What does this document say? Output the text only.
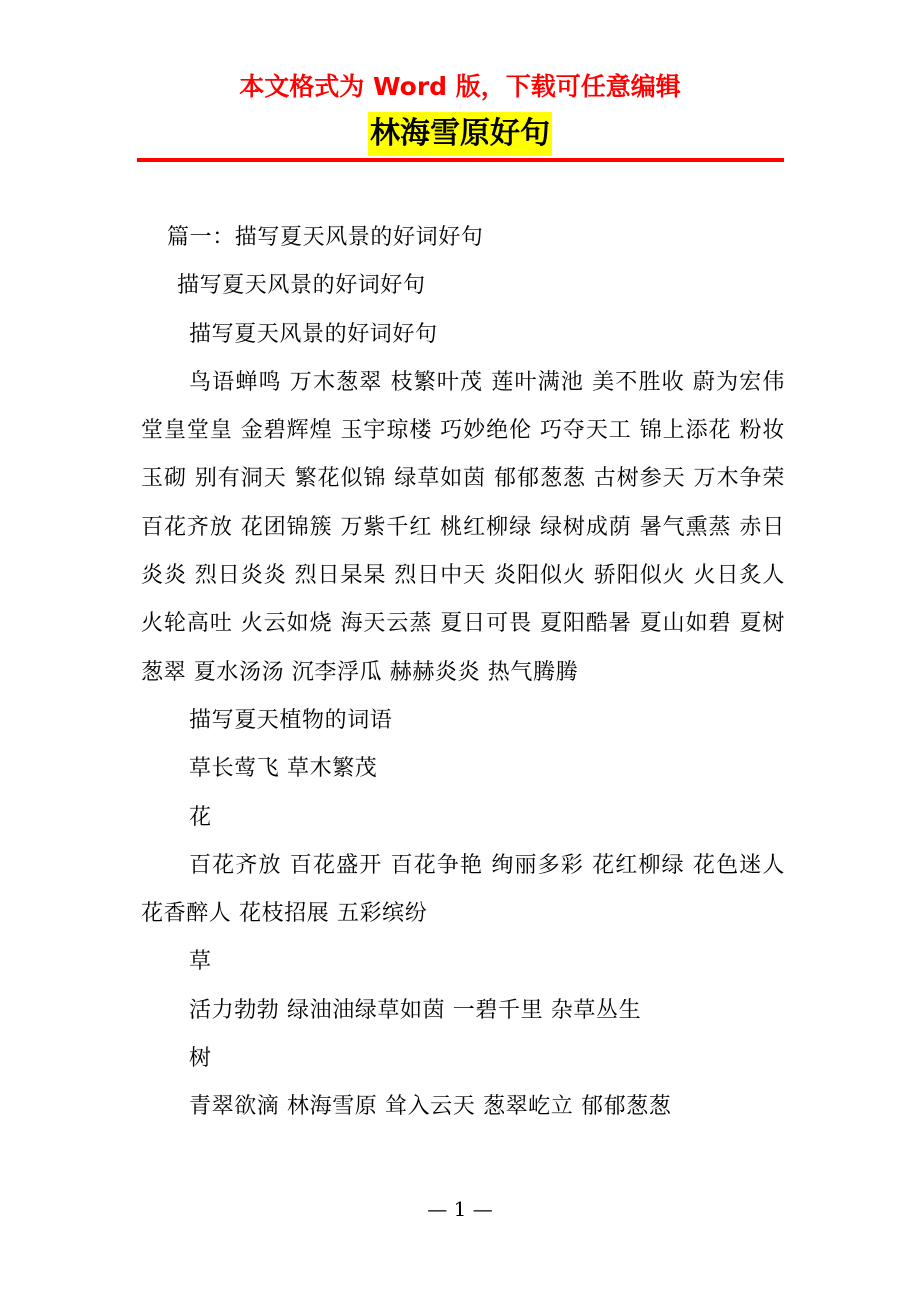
本文格式为 Word 版，下载可任意编辑
林海雪原好句

篇一：描写夏天风景的好词好句

描写夏天风景的好词好句

描写夏天风景的好词好句

鸟语蝉鸣 万木葱翠 枝繁叶茂 莲叶满池 美不胜收 蔚为宏伟 堂皇堂皇 金碧辉煌 玉宇琼楼 巧妙绝伦 巧夺天工 锦上添花 粉妆玉砌 别有洞天 繁花似锦 绿草如茵 郁郁葱葱 古树参天 万木争荣 百花齐放 花团锦簇 万紫千红 桃红柳绿 绿树成荫 暑气熏蒸 赤日炎炎 烈日炎炎 烈日杲杲 烈日中天 炎阳似火 骄阳似火 火日炙人 火轮高吐 火云如烧 海天云蒸 夏日可畏 夏阳酷暑 夏山如碧 夏树葱翠 夏水汤汤 沉李浮瓜 赫赫炎炎 热气腾腾

描写夏天植物的词语

草长莺飞 草木繁茂

花

百花齐放 百花盛开 百花争艳 绚丽多彩 花红柳绿 花色迷人 花香醉人 花枝招展 五彩缤纷

草

活力勃勃 绿油油绿草如茵 一碧千里 杂草丛生

树

青翠欲滴 林海雪原 耸入云天 葱翠屹立 郁郁葱葱

— 1 —
